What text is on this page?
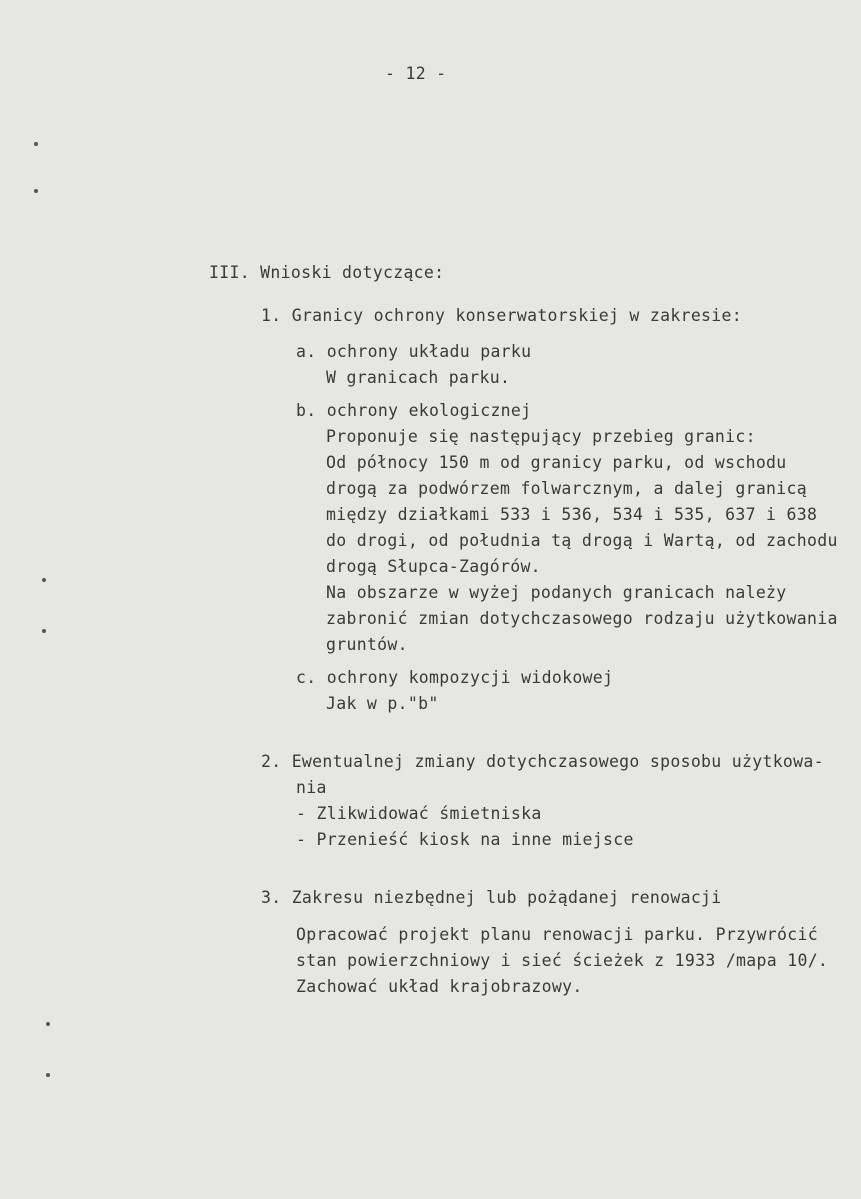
- 12 -
III. Wnioski dotyczące:
1. Granicy ochrony konserwatorskiej w zakresie:
a. ochrony układu parku
W granicach parku.
b. ochrony ekologicznej
Proponuje się następujący przebieg granic:
Od północy 150 m od granicy parku, od wschodu
drogą za podwórzem folwarcznym, a dalej granicą
między działkami 533 i 536, 534 i 535, 637 i 638
do drogi, od południa tą drogą i Wartą, od zachodu
drogą Słupca-Zagórów.
Na obszarze w wyżej podanych granicach należy
zabronić zmian dotychczasowego rodzaju użytkowania
gruntów.
c. ochrony kompozycji widokowej
Jak w p."b"
2. Ewentualnej zmiany dotychczasowego sposobu użytkowa-
nia
- Zlikwidować śmietniska
- Przenieść kiosk na inne miejsce
3. Zakresu niezbędnej lub pożądanej renowacji
Opracować projekt planu renowacji parku. Przywrócić
stan powierzchniowy i sieć ścieżek z 1933 /mapa 10/.
Zachować układ krajobrazowy.
